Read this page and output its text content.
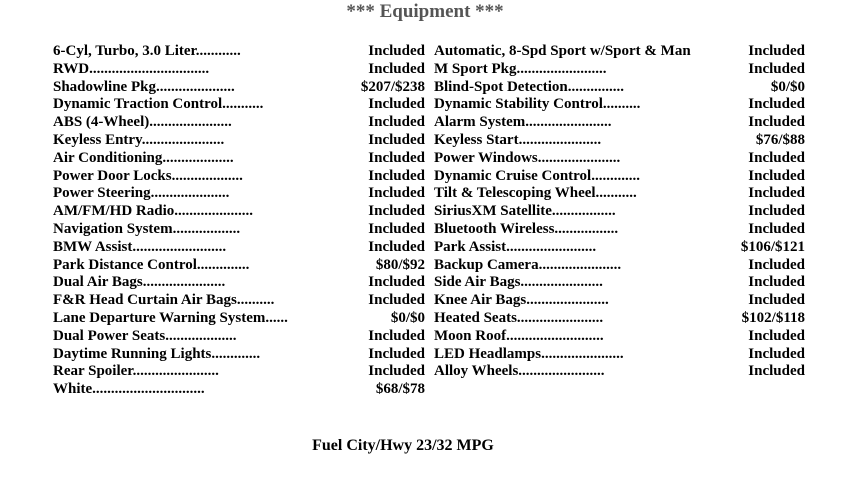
*** Equipment ***
6-Cyl, Turbo, 3.0 Liter............	Included
RWD................................	Included
Shadowline Pkg.....................	$207/$238
Dynamic Traction Control...........	Included
ABS (4-Wheel)......................	Included
Keyless Entry......................	Included
Air Conditioning...................	Included
Power Door Locks...................	Included
Power Steering.....................	Included
AM/FM/HD Radio.....................	Included
Navigation System..................	Included
BMW Assist.........................	Included
Park Distance Control..............	$80/$92
Dual Air Bags......................	Included
F&R Head Curtain Air Bags..........	Included
Lane Departure Warning System......	$0/$0
Dual Power Seats...................	Included
Daytime Running Lights.............	Included
Rear Spoiler.......................	Included
White..............................	$68/$78
Automatic, 8-Spd Sport w/Sport & Man	Included
M Sport Pkg........................	Included
Blind-Spot Detection...............	$0/$0
Dynamic Stability Control..........	Included
Alarm System.......................	Included
Keyless Start......................	$76/$88
Power Windows......................	Included
Dynamic Cruise Control.............	Included
Tilt & Telescoping Wheel...........	Included
SiriusXM Satellite.................	Included
Bluetooth Wireless.................	Included
Park Assist........................	$106/$121
Backup Camera......................	Included
Side Air Bags......................	Included
Knee Air Bags......................	Included
Heated Seats.......................	$102/$118
Moon Roof..........................	Included
LED Headlamps......................	Included
Alloy Wheels.......................	Included
Fuel City/Hwy 23/32 MPG
